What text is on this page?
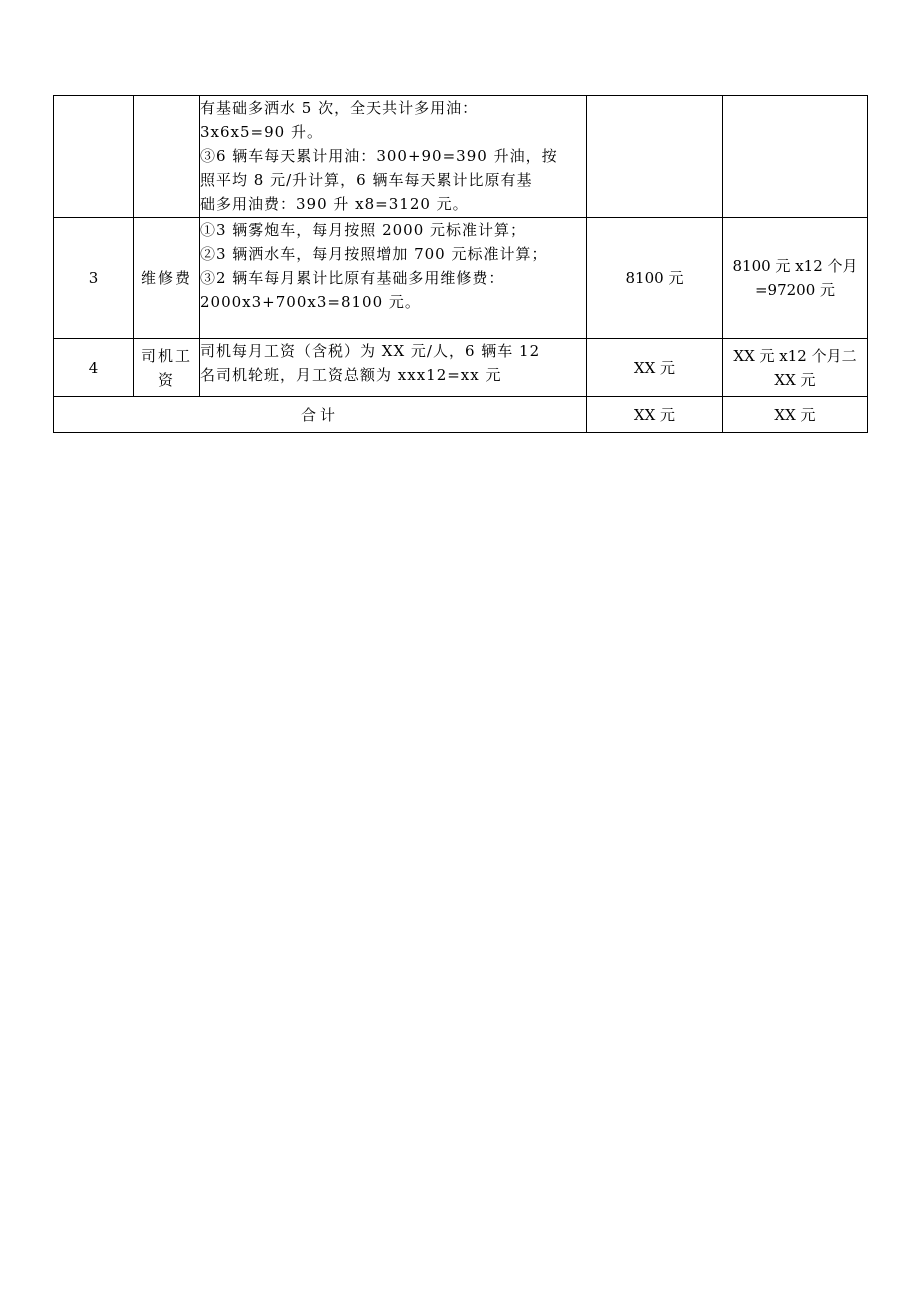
		有基础多洒水 5 次，全天共计多用油：
3x6x5=90 升。
③6 辆车每天累计用油：300+90=390 升油，按
照平均 8 元/升计算，6 辆车每天累计比原有基
础多用油费：390 升 x8=3120 元。		

3	维修费	①3 辆雾炮车，每月按照 2000 元标准计算；
②3 辆洒水车，每月按照增加 700 元标准计算；
③2 辆车每月累计比原有基础多用维修费：
2000x3+700x3=8100 元。	8100 元	8100 元 x12 个月
=97200 元

4	司机工
资	司机每月工资（含税）为 XX 元/人，6 辆车 12
名司机轮班，月工资总额为 xxx12=xx 元	XX 元	XX 元 x12 个月二
XX 元

合计			XX 元	XX 元
